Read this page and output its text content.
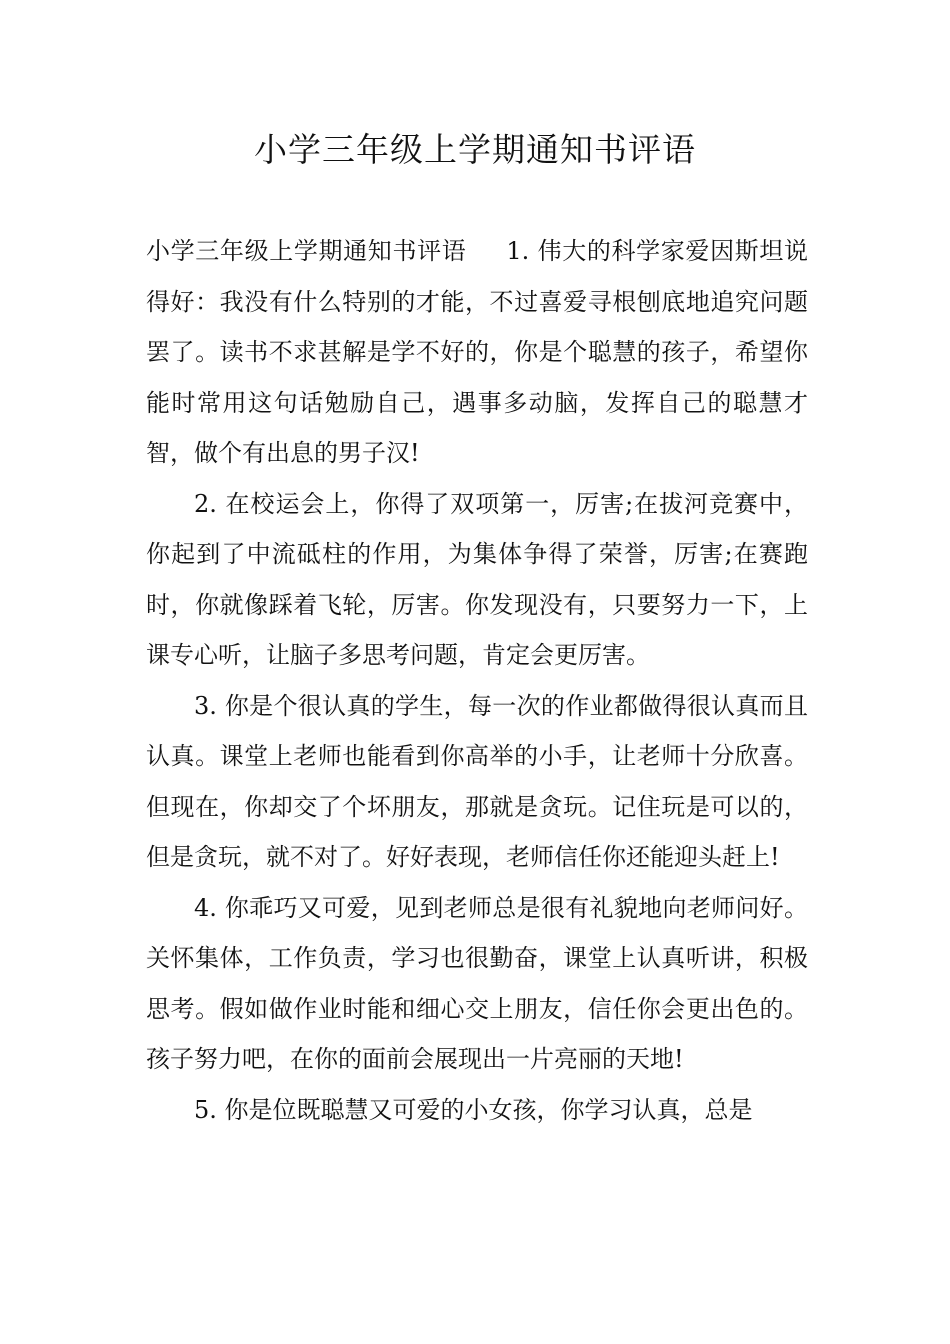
小学三年级上学期通知书评语

小学三年级上学期通知书评语 1. 伟大的科学家爱因斯坦说得好：我没有什么特别的才能，不过喜爱寻根刨底地追究问题罢了。读书不求甚解是学不好的，你是个聪慧的孩子，希望你能时常用这句话勉励自己，遇事多动脑，发挥自己的聪慧才智，做个有出息的男子汉!

2. 在校运会上，你得了双项第一，厉害;在拔河竞赛中，你起到了中流砥柱的作用，为集体争得了荣誉，厉害;在赛跑时，你就像踩着飞轮，厉害。你发现没有，只要努力一下，上课专心听，让脑子多思考问题，肯定会更厉害。

3. 你是个很认真的学生，每一次的作业都做得很认真而且认真。课堂上老师也能看到你高举的小手，让老师十分欣喜。但现在，你却交了个坏朋友，那就是贪玩。记住玩是可以的，但是贪玩，就不对了。好好表现，老师信任你还能迎头赶上!

4. 你乖巧又可爱，见到老师总是很有礼貌地向老师问好。关怀集体，工作负责，学习也很勤奋，课堂上认真听讲，积极思考。假如做作业时能和细心交上朋友，信任你会更出色的。孩子努力吧，在你的面前会展现出一片亮丽的天地!

5. 你是位既聪慧又可爱的小女孩，你学习认真，总是
